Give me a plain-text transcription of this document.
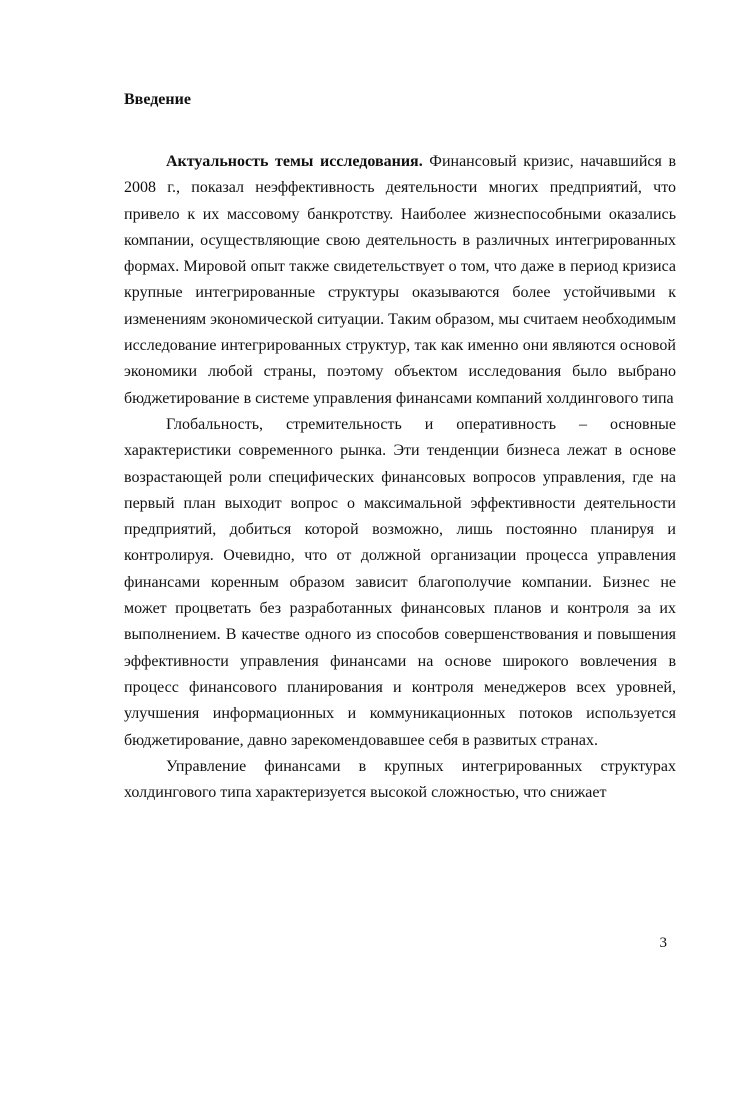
Введение

Актуальность темы исследования. Финансовый кризис, начавшийся в 2008 г., показал неэффективность деятельности многих предприятий, что привело к их массовому банкротству. Наиболее жизнеспособными оказались компании, осуществляющие свою деятельность в различных интегрированных формах. Мировой опыт также свидетельствует о том, что даже в период кризиса крупные интегрированные структуры оказываются более устойчивыми к изменениям экономической ситуации. Таким образом, мы считаем необходимым исследование интегрированных структур, так как именно они являются основой экономики любой страны, поэтому объектом исследования было выбрано бюджетирование в системе управления финансами компаний холдингового типа

Глобальность, стремительность и оперативность – основные характеристики современного рынка. Эти тенденции бизнеса лежат в основе возрастающей роли специфических финансовых вопросов управления, где на первый план выходит вопрос о максимальной эффективности деятельности предприятий, добиться которой возможно, лишь постоянно планируя и контролируя. Очевидно, что от должной организации процесса управления финансами коренным образом зависит благополучие компании. Бизнес не может процветать без разработанных финансовых планов и контроля за их выполнением. В качестве одного из способов совершенствования и повышения эффективности управления финансами на основе широкого вовлечения в процесс финансового планирования и контроля менеджеров всех уровней, улучшения информационных и коммуникационных потоков используется бюджетирование, давно зарекомендовавшее себя в развитых странах.

Управление финансами в крупных интегрированных структурах холдингового типа характеризуется высокой сложностью, что снижает

3
